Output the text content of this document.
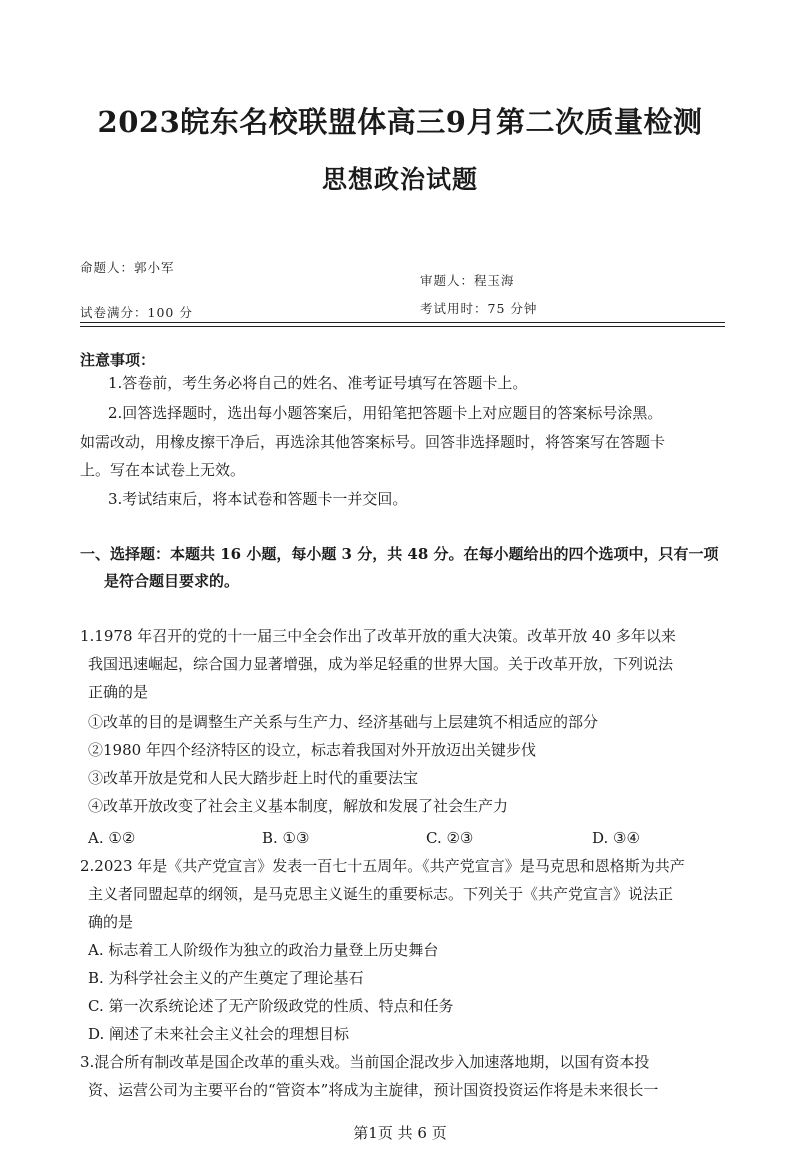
2023皖东名校联盟体高三9月第二次质量检测
思想政治试题
命题人：郭小军
审题人：程玉海
试卷满分：100 分	考试用时：75 分钟
注意事项：
1.答卷前，考生务必将自己的姓名、准考证号填写在答题卡上。
2.回答选择题时，选出每小题答案后，用铅笔把答题卡上对应题目的答案标号涂黑。
如需改动，用橡皮擦干净后，再选涂其他答案标号。回答非选择题时，将答案写在答题卡
上。写在本试卷上无效。
3.考试结束后，将本试卷和答题卡一并交回。
一、选择题：本题共 16 小题，每小题 3 分，共 48 分。在每小题给出的四个选项中，只有一项
是符合题目要求的。
1.1978 年召开的党的十一届三中全会作出了改革开放的重大决策。改革开放 40 多年以来
我国迅速崛起，综合国力显著增强，成为举足轻重的世界大国。关于改革开放，下列说法
正确的是
①改革的目的是调整生产关系与生产力、经济基础与上层建筑不相适应的部分
②1980 年四个经济特区的设立，标志着我国对外开放迈出关键步伐
③改革开放是党和人民大踏步赶上时代的重要法宝
④改革开放改变了社会主义基本制度，解放和发展了社会生产力
A. ①②	B. ①③	C. ②③	D. ③④
2.2023 年是《共产党宣言》发表一百七十五周年。《共产党宣言》是马克思和恩格斯为共产
主义者同盟起草的纲领，是马克思主义诞生的重要标志。下列关于《共产党宣言》说法正
确的是
A. 标志着工人阶级作为独立的政治力量登上历史舞台
B. 为科学社会主义的产生奠定了理论基石
C. 第一次系统论述了无产阶级政党的性质、特点和任务
D. 阐述了未来社会主义社会的理想目标
3.混合所有制改革是国企改革的重头戏。当前国企混改步入加速落地期，以国有资本投
资、运营公司为主要平台的“管资本”将成为主旋律，预计国资投资运作将是未来很长一
第1页 共 6 页
